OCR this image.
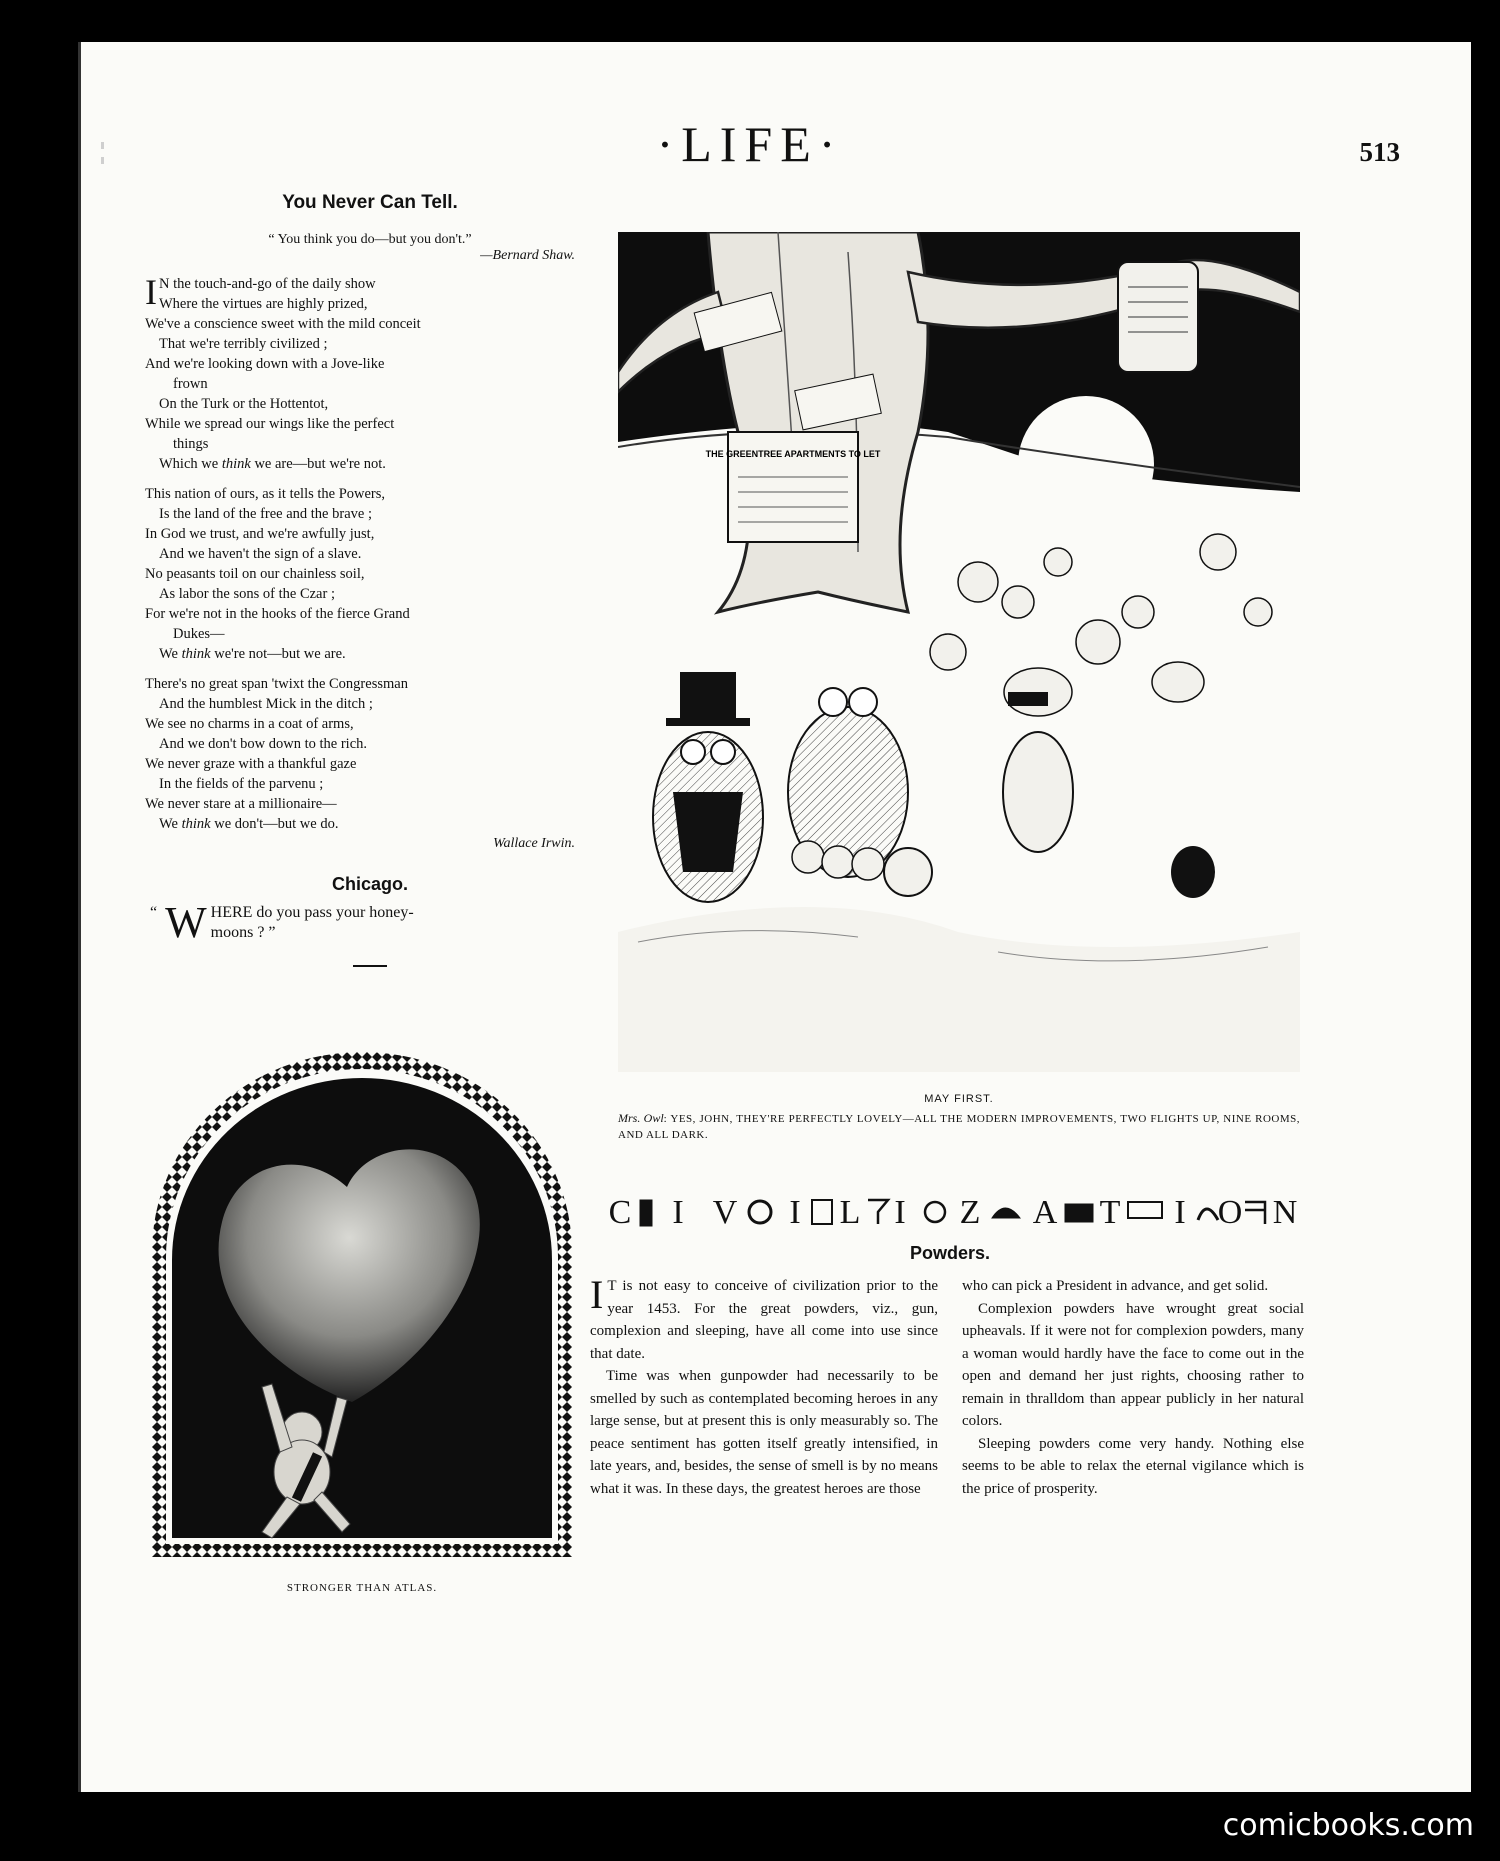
·LIFE·	513
You Never Can Tell.
“ You think you do—but you don't.”
—Bernard Shaw.
I N the touch-and-go of the daily show
Where the virtues are highly prized,
We've a conscience sweet with the mild conceit
That we're terribly civilized ;
And we're looking down with a Jove-like
frown
On the Turk or the Hottentot,
While we spread our wings like the perfect
things
Which we think we are—but we're not.
This nation of ours, as it tells the Powers,
Is the land of the free and the brave ;
In God we trust, and we're awfully just,
And we haven't the sign of a slave.
No peasants toil on our chainless soil,
As labor the sons of the Czar ;
For we're not in the hooks of the fierce Grand
Dukes—
We think we're not—but we are.
There's no great span 'twixt the Congressman
And the humblest Mick in the ditch ;
We see no charms in a coat of arms,
And we don't bow down to the rich.
We never graze with a thankful gaze
In the fields of the parvenu ;
We never stare at a millionaire—
We think we don't—but we do.
Wallace Irwin.
Chicago.
“ W HERE do you pass your honey-
moons ? ”
THE GREENTREE APARTMENTS TO LET
MAY FIRST.
Mrs. Owl: YES, JOHN, THEY'RE PERFECTLY LOVELY—ALL THE MODERN IMPROVEMENTS, TWO FLIGHTS UP, NINE ROOMS, AND ALL DARK.
STRONGER THAN ATLAS.
C I V I L I Z A T I O N
Powders.

I T is not easy to conceive of civilization prior to the year 1453. For the great powders, viz., gun, complexion and sleeping, have all come into use since that date.

Time was when gunpowder had necessarily to be smelled by such as contemplated becoming heroes in any large sense, but at present this is only measurably so. The peace sentiment has gotten itself greatly intensified, in late years, and, besides, the sense of smell is by no means what it was. In these days, the greatest heroes are those

who can pick a President in advance, and get solid.

Complexion powders have wrought great social upheavals. If it were not for complexion powders, many a woman would hardly have the face to come out in the open and demand her just rights, choosing rather to remain in thralldom than appear publicly in her natural colors.

Sleeping powders come very handy. Nothing else seems to be able to relax the eternal vigilance which is the price of prosperity.

comicbooks.com
